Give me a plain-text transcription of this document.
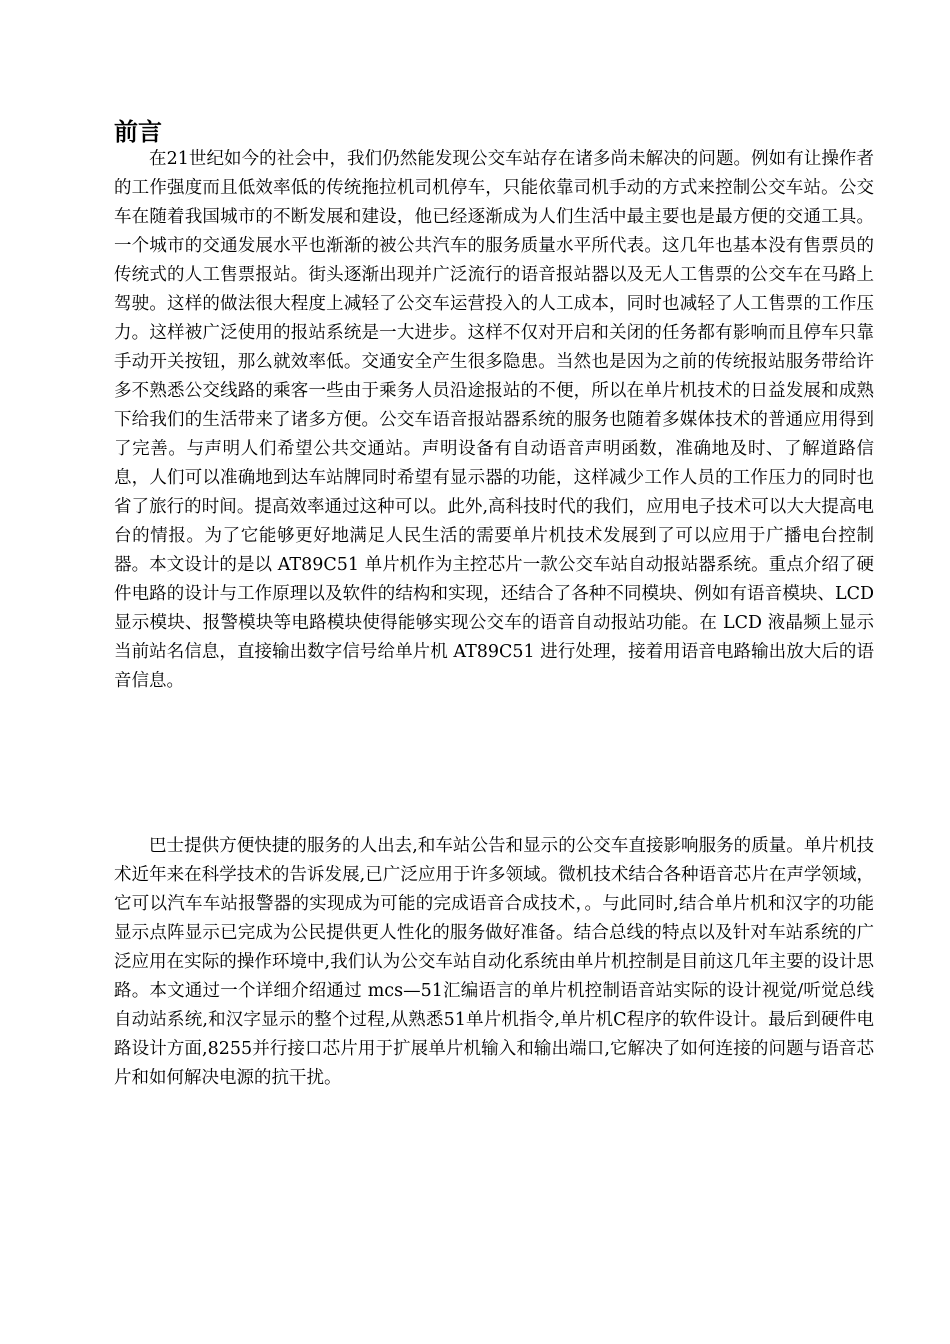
前言

在21世纪如今的社会中，我们仍然能发现公交车站存在诸多尚未解决的问题。例如有让操作者的工作强度而且低效率低的传统拖拉机司机停车，只能依靠司机手动的方式来控制公交车站。公交车在随着我国城市的不断发展和建设，他已经逐渐成为人们生活中最主要也是最方便的交通工具。一个城市的交通发展水平也渐渐的被公共汽车的服务质量水平所代表。这几年也基本没有售票员的传统式的人工售票报站。街头逐渐出现并广泛流行的语音报站器以及无人工售票的公交车在马路上驾驶。这样的做法很大程度上减轻了公交车运营投入的人工成本，同时也减轻了人工售票的工作压力。这样被广泛使用的报站系统是一大进步。这样不仅对开启和关闭的任务都有影响而且停车只靠手动开关按钮，那么就效率低。交通安全产生很多隐患。当然也是因为之前的传统报站服务带给许多不熟悉公交线路的乘客一些由于乘务人员沿途报站的不便，所以在单片机技术的日益发展和成熟下给我们的生活带来了诸多方便。公交车语音报站器系统的服务也随着多媒体技术的普通应用得到了完善。与声明人们希望公共交通站。声明设备有自动语音声明函数，准确地及时、了解道路信息，人们可以准确地到达车站牌同时希望有显示器的功能，这样减少工作人员的工作压力的同时也省了旅行的时间。提高效率通过这种可以。此外,高科技时代的我们，应用电子技术可以大大提高电台的情报。为了它能够更好地满足人民生活的需要单片机技术发展到了可以应用于广播电台控制器。本文设计的是以 AT89C51 单片机作为主控芯片一款公交车站自动报站器系统。重点介绍了硬件电路的设计与工作原理以及软件的结构和实现，还结合了各种不同模块、例如有语音模块、LCD 显示模块、报警模块等电路模块使得能够实现公交车的语音自动报站功能。在 LCD 液晶频上显示当前站名信息，直接输出数字信号给单片机 AT89C51 进行处理，接着用语音电路输出放大后的语音信息。

巴士提供方便快捷的服务的人出去,和车站公告和显示的公交车直接影响服务的质量。单片机技术近年来在科学技术的告诉发展,已广泛应用于许多领域。微机技术结合各种语音芯片在声学领域，它可以汽车车站报警器的实现成为可能的完成语音合成技术，。与此同时,结合单片机和汉字的功能显示点阵显示已完成为公民提供更人性化的服务做好准备。结合总线的特点以及针对车站系统的广泛应用在实际的操作环境中,我们认为公交车站自动化系统由单片机控制是目前这几年主要的设计思路。本文通过一个详细介绍通过 mcs—51汇编语言的单片机控制语音站实际的设计视觉/听觉总线自动站系统,和汉字显示的整个过程,从熟悉51单片机指令,单片机C程序的软件设计。最后到硬件电路设计方面,8255并行接口芯片用于扩展单片机输入和输出端口,它解决了如何连接的问题与语音芯片和如何解决电源的抗干扰。
